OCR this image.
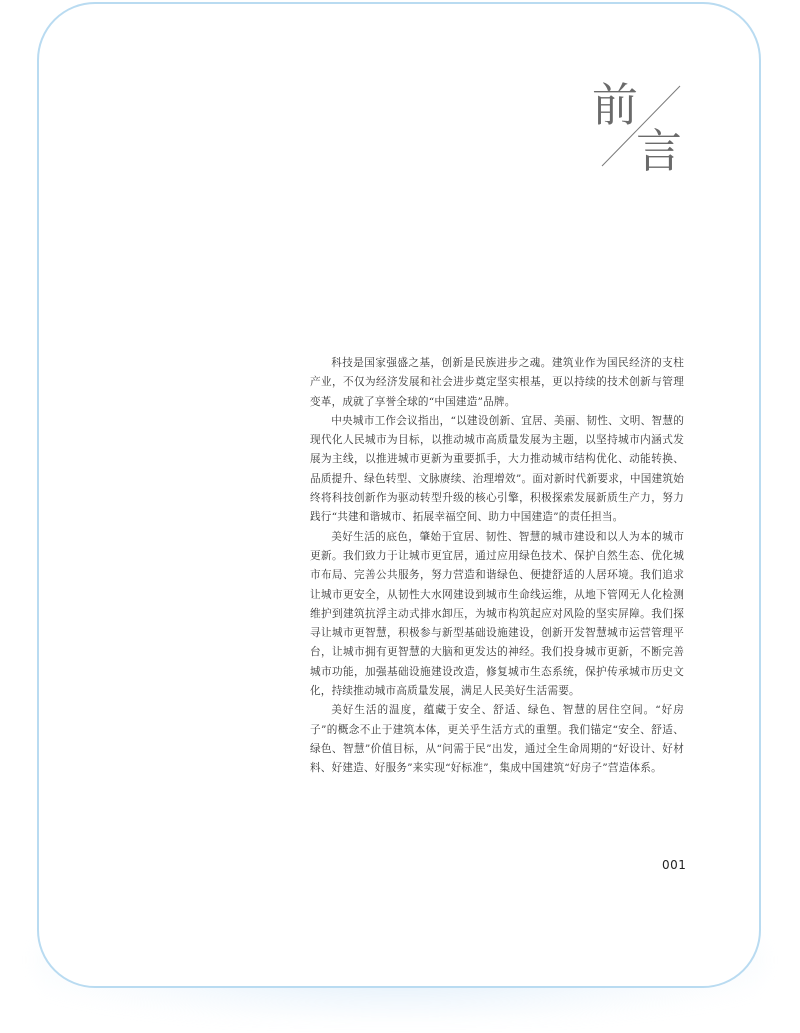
前
言

科技是国家强盛之基，创新是民族进步之魂。建筑业作为国民经济的支柱产业，不仅为经济发展和社会进步奠定坚实根基，更以持续的技术创新与管理变革，成就了享誉全球的“中国建造”品牌。

中央城市工作会议指出，“以建设创新、宜居、美丽、韧性、文明、智慧的现代化人民城市为目标，以推动城市高质量发展为主题，以坚持城市内涵式发展为主线，以推进城市更新为重要抓手，大力推动城市结构优化、动能转换、品质提升、绿色转型、文脉赓续、治理增效”。面对新时代新要求，中国建筑始终将科技创新作为驱动转型升级的核心引擎，积极探索发展新质生产力，努力践行“共建和谐城市、拓展幸福空间、助力中国建造”的责任担当。

美好生活的底色，肇始于宜居、韧性、智慧的城市建设和以人为本的城市更新。我们致力于让城市更宜居，通过应用绿色技术、保护自然生态、优化城市布局、完善公共服务，努力营造和谐绿色、便捷舒适的人居环境。我们追求让城市更安全，从韧性大水网建设到城市生命线运维，从地下管网无人化检测维护到建筑抗浮主动式排水卸压，为城市构筑起应对风险的坚实屏障。我们探寻让城市更智慧，积极参与新型基础设施建设，创新开发智慧城市运营管理平台，让城市拥有更智慧的大脑和更发达的神经。我们投身城市更新，不断完善城市功能，加强基础设施建设改造，修复城市生态系统，保护传承城市历史文化，持续推动城市高质量发展，满足人民美好生活需要。

美好生活的温度，蕴藏于安全、舒适、绿色、智慧的居住空间。“好房子”的概念不止于建筑本体，更关乎生活方式的重塑。我们锚定“安全、舒适、绿色、智慧”价值目标，从“问需于民”出发，通过全生命周期的“好设计、好材料、好建造、好服务”来实现“好标准”，集成中国建筑“好房子”营造体系。

001
